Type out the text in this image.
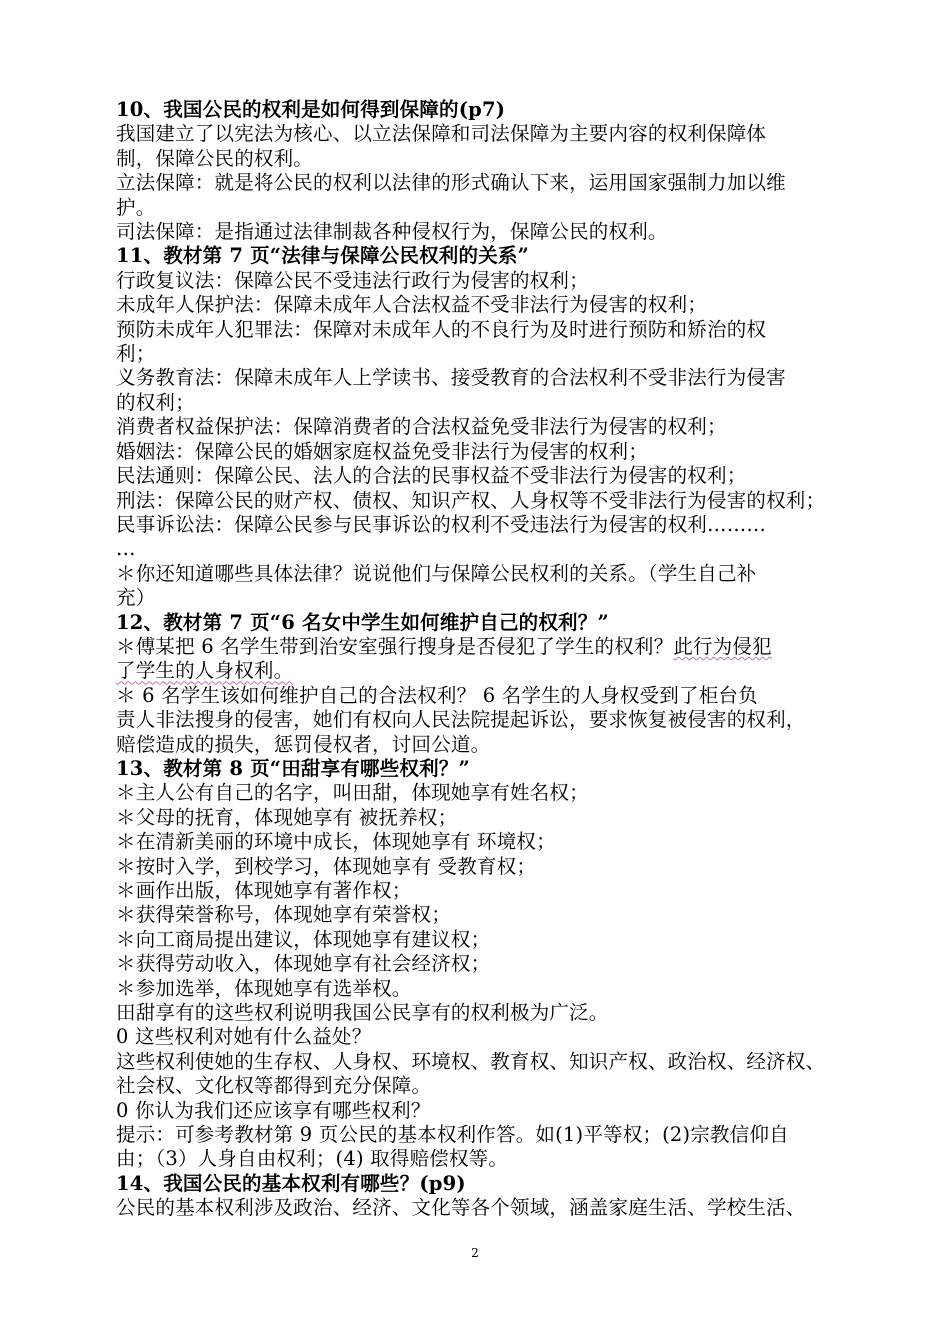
10、我国公民的权利是如何得到保障的(p7)
我国建立了以宪法为核心、以立法保障和司法保障为主要内容的权利保障体
制，保障公民的权利。
立法保障：就是将公民的权利以法律的形式确认下来，运用国家强制力加以维
护。
司法保障：是指通过法律制裁各种侵权行为，保障公民的权利。
11、教材第 7 页“法律与保障公民权利的关系”
行政复议法：保障公民不受违法行政行为侵害的权利；
未成年人保护法：保障未成年人合法权益不受非法行为侵害的权利；
预防未成年人犯罪法：保障对未成年人的不良行为及时进行预防和矫治的权
利；
义务教育法：保障未成年人上学读书、接受教育的合法权利不受非法行为侵害
的权利；
消费者权益保护法：保障消费者的合法权益免受非法行为侵害的权利；
婚姻法：保障公民的婚姻家庭权益免受非法行为侵害的权利；
民法通则：保障公民、法人的合法的民事权益不受非法行为侵害的权利；
刑法：保障公民的财产权、债权、知识产权、人身权等不受非法行为侵害的权利；
民事诉讼法：保障公民参与民事诉讼的权利不受违法行为侵害的权利………
…
＊你还知道哪些具体法律？说说他们与保障公民权利的关系。（学生自己补
充）
12、教材第 7 页“6 名女中学生如何维护自己的权利？”
＊傅某把 6 名学生带到治安室强行搜身是否侵犯了学生的权利？此行为侵犯
了学生的人身权利。
＊ 6 名学生该如何维护自己的合法权利？ 6 名学生的人身权受到了柜台负
责人非法搜身的侵害，她们有权向人民法院提起诉讼，要求恢复被侵害的权利，
赔偿造成的损失，惩罚侵权者，讨回公道。
13、教材第 8 页“田甜享有哪些权利？”
＊主人公有自己的名字，叫田甜，体现她享有姓名权；
＊父母的抚育，体现她享有 被抚养权；
＊在清新美丽的环境中成长，体现她享有 环境权；
＊按时入学，到校学习，体现她享有 受教育权；
＊画作出版，体现她享有著作权；
＊获得荣誉称号，体现她享有荣誉权；
＊向工商局提出建议，体现她享有建议权；
＊获得劳动收入，体现她享有社会经济权；
＊参加选举，体现她享有选举权。
田甜享有的这些权利说明我国公民享有的权利极为广泛。
0 这些权利对她有什么益处？
这些权利使她的生存权、人身权、环境权、教育权、知识产权、政治权、经济权、
社会权、文化权等都得到充分保障。
0 你认为我们还应该享有哪些权利？
提示：可参考教材第 9 页公民的基本权利作答。如(1)平等权；(2)宗教信仰自
由；（3）人身自由权利；(4) 取得赔偿权等。
14、我国公民的基本权利有哪些？(p9)
公民的基本权利涉及政治、经济、文化等各个领域，涵盖家庭生活、学校生活、
2
